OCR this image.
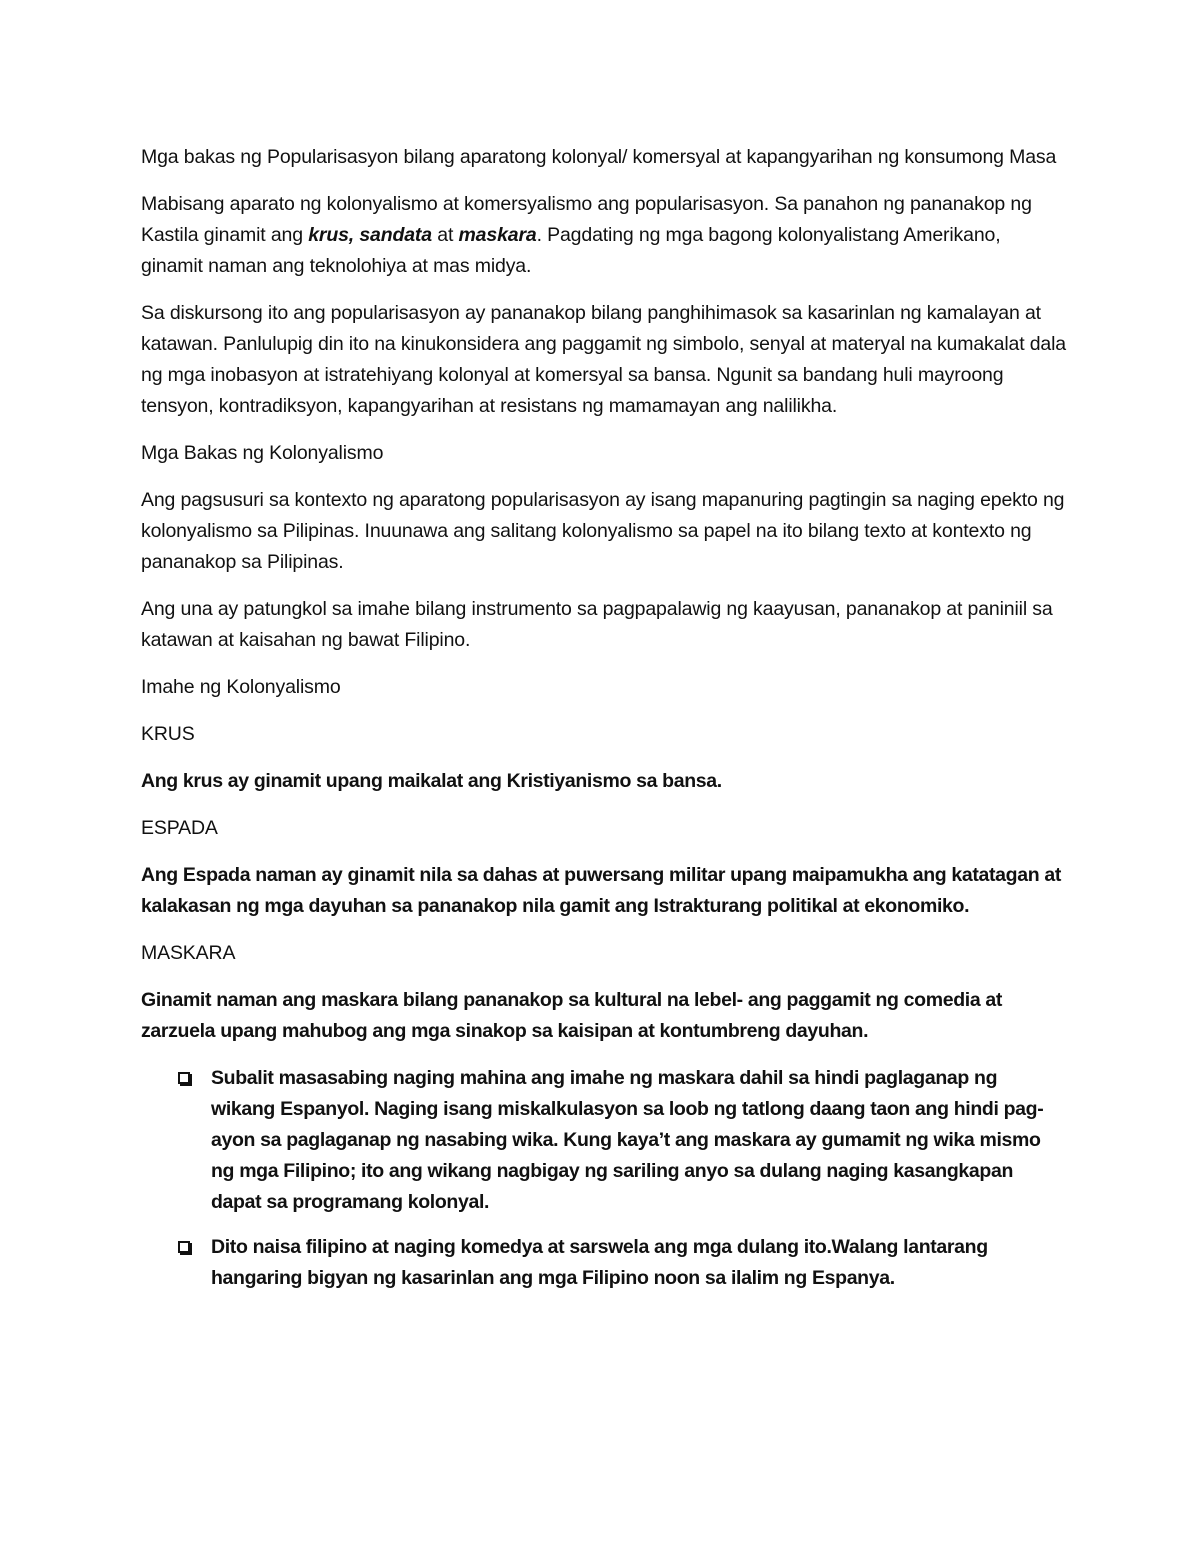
Mga bakas ng Popularisasyon bilang aparatong kolonyal/ komersyal at kapangyarihan ng konsumong Masa

Mabisang aparato ng kolonyalismo at komersyalismo ang popularisasyon. Sa panahon ng pananakop ng Kastila ginamit ang krus, sandata at maskara. Pagdating ng mga bagong kolonyalistang Amerikano, ginamit naman ang teknolohiya at mas midya.

Sa diskursong ito ang popularisasyon ay pananakop bilang panghihimasok sa kasarinlan ng kamalayan at katawan. Panlulupig din ito na kinukonsidera ang paggamit ng simbolo, senyal at materyal na kumakalat dala ng mga inobasyon at istratehiyang kolonyal at komersyal sa bansa. Ngunit sa bandang huli mayroong tensyon, kontradiksyon, kapangyarihan at resistans ng mamamayan ang nalilikha.

Mga Bakas ng Kolonyalismo

Ang pagsusuri sa kontexto ng aparatong popularisasyon ay isang mapanuring pagtingin sa naging epekto ng kolonyalismo sa Pilipinas. Inuunawa ang salitang kolonyalismo sa papel na ito bilang texto at kontexto ng pananakop sa Pilipinas.

Ang una ay patungkol sa imahe bilang instrumento sa pagpapalawig ng kaayusan, pananakop at paniniil sa katawan at kaisahan ng bawat Filipino.

Imahe ng Kolonyalismo

KRUS

Ang krus ay ginamit upang maikalat ang Kristiyanismo sa bansa.

ESPADA

Ang Espada naman ay ginamit nila sa dahas at puwersang militar upang maipamukha ang katatagan at kalakasan ng mga dayuhan sa pananakop nila gamit ang Istrakturang politikal at ekonomiko.

MASKARA

Ginamit naman ang maskara bilang pananakop sa kultural na lebel- ang paggamit ng comedia at zarzuela upang mahubog ang mga sinakop sa kaisipan at kontumbreng dayuhan.

Subalit masasabing naging mahina ang imahe ng maskara dahil sa hindi paglaganap ng wikang Espanyol. Naging isang miskalkulasyon sa loob ng tatlong daang taon ang hindi pag-ayon sa paglaganap ng nasabing wika. Kung kaya’t ang maskara ay gumamit ng wika mismo ng mga Filipino; ito ang wikang nagbigay ng sariling anyo sa dulang naging kasangkapan dapat sa programang kolonyal.
Dito naisa filipino at naging komedya at sarswela ang mga dulang ito.Walang lantarang hangaring bigyan ng kasarinlan ang mga Filipino noon sa ilalim ng Espanya.
